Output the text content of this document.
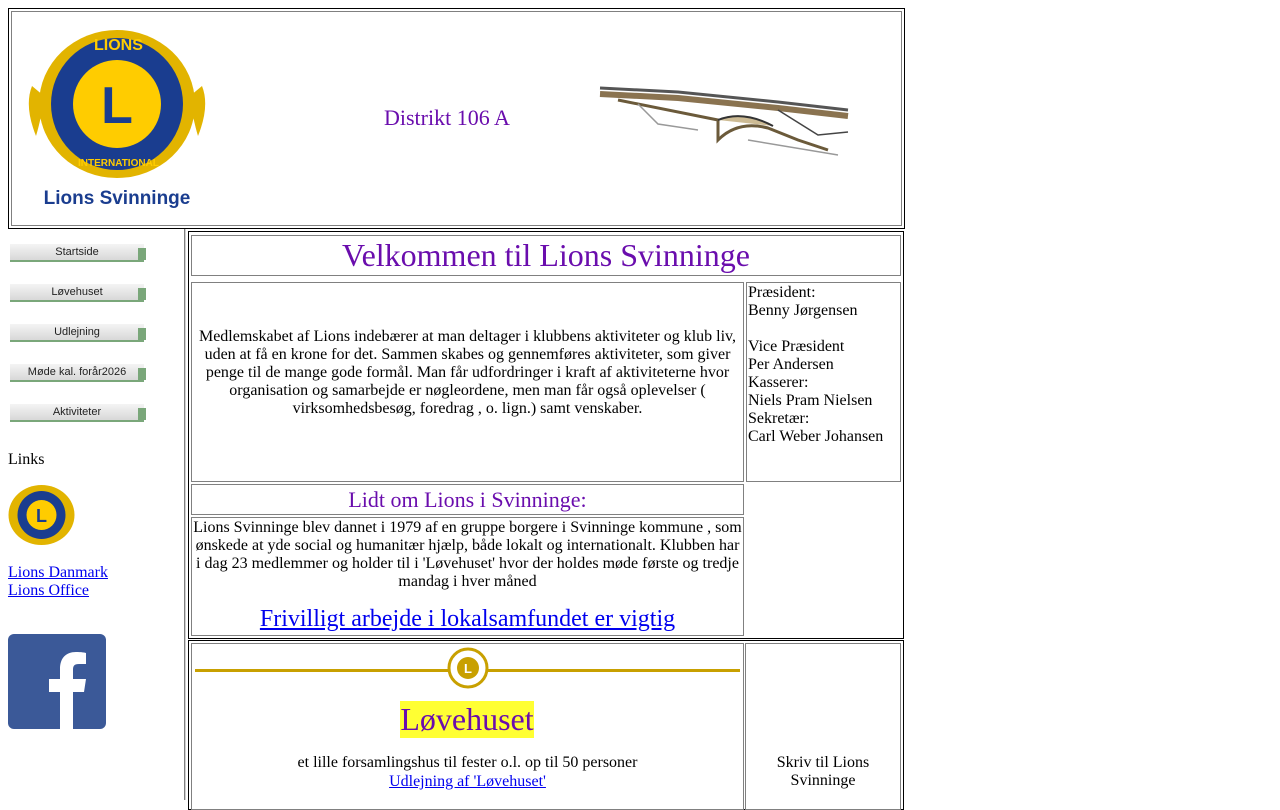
L
LIONS
INTERNATIONAL
Lions Svinninge
Distrikt 106 A
Startside
Løvehuset
Udlejning
Møde kal. forår2026
Aktiviteter
Links
L
Lions Danmark
Lions Office
Velkommen til Lions Svinninge
Medlemskabet af Lions indebærer at man deltager i klubbens aktiviteter og klub liv, uden at få en krone for det. Sammen skabes og gennemføres aktiviteter, som giver penge til de mange gode formål. Man får udfordringer i kraft af aktiviteterne hvor organisation og samarbejde er nøgleordene, men man får også oplevelser ( virksomhedsbesøg, foredrag , o. lign.) samt venskaber.
Præsident:
Benny Jørgensen
Vice Præsident
Per Andersen
Kasserer:
Niels Pram Nielsen
Sekretær:
Carl Weber Johansen
Lidt om Lions i Svinninge:
Lions Svinninge blev dannet i 1979 af en gruppe borgere i Svinninge kommune , som ønskede at yde social og humanitær hjælp, både lokalt og internationalt. Klubben har i dag 23 medlemmer og holder til i 'Løvehuset' hvor der holdes møde første og tredje mandag i hver måned
Frivilligt arbejde i lokalsamfundet er vigtig
L
Løvehuset
et lille forsamlingshus til fester o.l. op til 50 personer
Udlejning af 'Løvehuset'
Skriv til Lions
Svinninge
